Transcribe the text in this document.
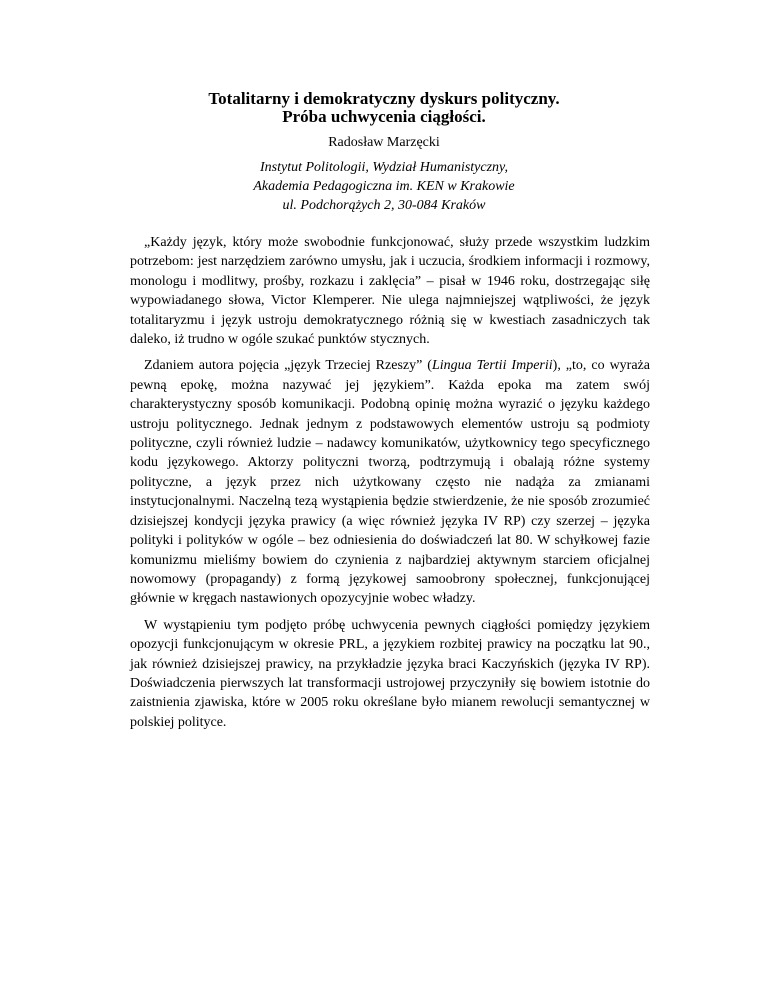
Totalitarny i demokratyczny dyskurs polityczny.
Próba uchwycenia ciągłości.
Radosław Marzęcki
Instytut Politologii, Wydział Humanistyczny,
Akademia Pedagogiczna im. KEN w Krakowie
ul. Podchorążych 2, 30-084 Kraków

„Każdy język, który może swobodnie funkcjonować, służy przede wszystkim ludzkim potrzebom: jest narzędziem zarówno umysłu, jak i uczucia, środkiem informacji i rozmowy, monologu i modlitwy, prośby, rozkazu i zaklęcia” – pisał w 1946 roku, dostrzegając siłę wypowiadanego słowa, Victor Klemperer. Nie ulega najmniejszej wątpliwości, że język totalitaryzmu i język ustroju demokratycznego różnią się w kwestiach zasadniczych tak daleko, iż trudno w ogóle szukać punktów stycznych.

Zdaniem autora pojęcia „język Trzeciej Rzeszy” (Lingua Tertii Imperii), „to, co wyraża pewną epokę, można nazywać jej językiem”. Każda epoka ma zatem swój charakterystyczny sposób komunikacji. Podobną opinię można wyrazić o języku każdego ustroju politycznego. Jednak jednym z podstawowych elementów ustroju są podmioty polityczne, czyli również ludzie – nadawcy komunikatów, użytkownicy tego specyficznego kodu językowego. Aktorzy polityczni tworzą, podtrzymują i obalają różne systemy polityczne, a język przez nich użytkowany często nie nadąża za zmianami instytucjonalnymi. Naczelną tezą wystąpienia będzie stwierdzenie, że nie sposób zrozumieć dzisiejszej kondycji języka prawicy (a więc również języka IV RP) czy szerzej – języka polityki i polityków w ogóle – bez odniesienia do doświadczeń lat 80. W schyłkowej fazie komunizmu mieliśmy bowiem do czynienia z najbardziej aktywnym starciem oficjalnej nowomowy (propagandy) z formą językowej samoobrony społecznej, funkcjonującej głównie w kręgach nastawionych opozycyjnie wobec władzy.

W wystąpieniu tym podjęto próbę uchwycenia pewnych ciągłości pomiędzy językiem opozycji funkcjonującym w okresie PRL, a językiem rozbitej prawicy na początku lat 90., jak również dzisiejszej prawicy, na przykładzie języka braci Kaczyńskich (języka IV RP). Doświadczenia pierwszych lat transformacji ustrojowej przyczyniły się bowiem istotnie do zaistnienia zjawiska, które w 2005 roku określane było mianem rewolucji semantycznej w polskiej polityce.
